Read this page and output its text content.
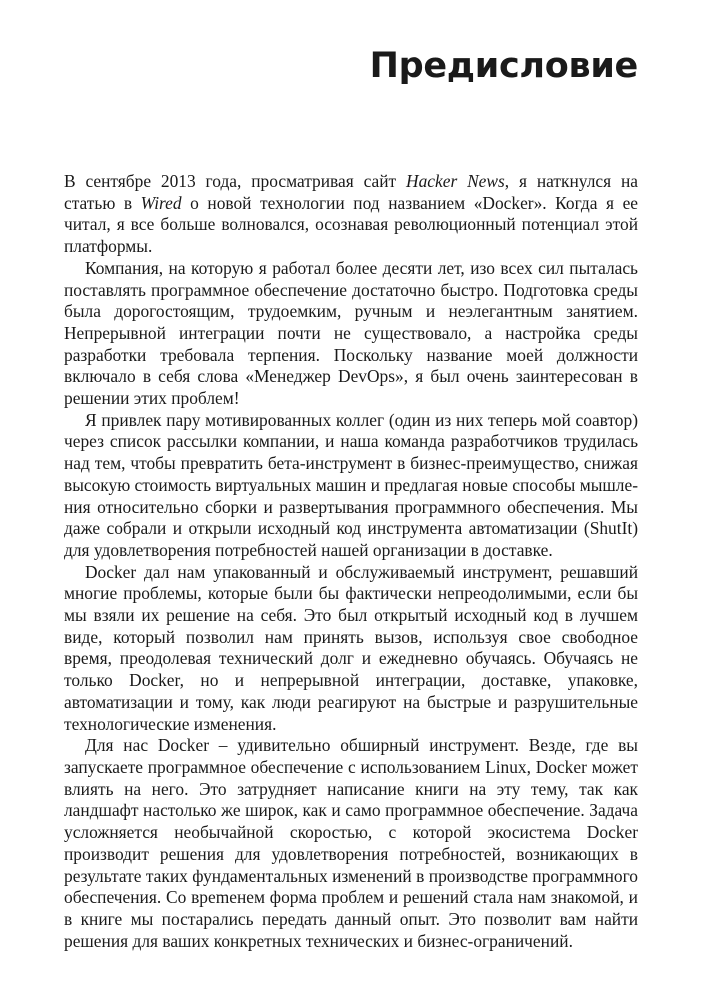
Предисловие

В сентябре 2013 года, просматривая сайт Hacker News, я наткнулся на статью в Wired о новой технологии под названием «Docker». Когда я ее читал, я все больше волновался, осознавая революционный потенциал этой платформы.

Компания, на которую я работал более десяти лет, изо всех сил пыталась поставлять программное обеспечение достаточно быстро. Подготовка среды была дорогостоящим, трудоемким, ручным и неэлегантным занятием. Непрерывной интеграции почти не существовало, а настройка среды разработки требовала терпения. Поскольку название моей должности включало в себя слова «Менеджер DevOps», я был очень заинтересован в решении этих проблем!

Я привлек пару мотивированных коллег (один из них теперь мой соавтор) через список рассылки компании, и наша команда разработчиков трудилась над тем, чтобы превратить бета-инструмент в бизнес-преимущество, снижая высокую стоимость виртуальных машин и предлагая новые способы мышления относительно сборки и развертывания программного обеспечения. Мы даже собрали и открыли исходный код инструмента автоматизации (ShutIt) для удовлетворения потребностей нашей организации в доставке.

Docker дал нам упакованный и обслуживаемый инструмент, решавший многие проблемы, которые были бы фактически непреодолимыми, если бы мы взяли их решение на себя. Это был открытый исходный код в лучшем виде, который позволил нам принять вызов, используя свое свободное время, преодолевая технический долг и ежедневно обучаясь. Обучаясь не только Docker, но и непрерывной интеграции, доставке, упаковке, автоматизации и тому, как люди реагируют на быстрые и разрушительные технологические изменения.

Для нас Docker – удивительно обширный инструмент. Везде, где вы запускаете программное обеспечение с использованием Linux, Docker может влиять на него. Это затрудняет написание книги на эту тему, так как ландшафт настолько же широк, как и само программное обеспечение. Задача усложняется необычайной скоростью, с которой экосистема Docker производит решения для удовлетворения потребностей, возникающих в результате таких фундаментальных изменений в производстве программного обеспечения. Со вреmенем форма проблем и решений стала нам знакомой, и в книге мы постарались передать данный опыт. Это позволит вам найти решения для ваших конкретных технических и бизнес-ограничений.
